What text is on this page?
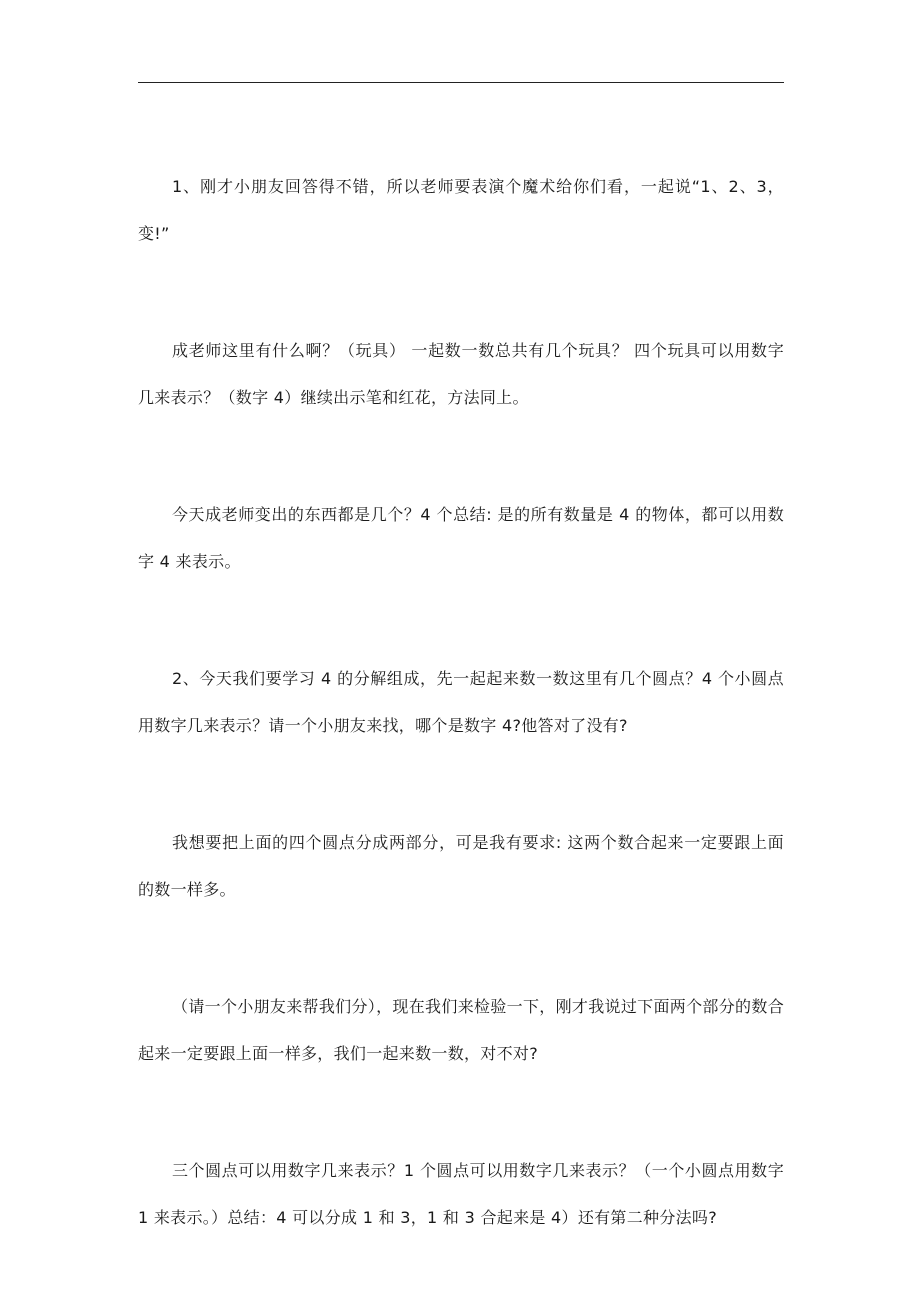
1、刚才小朋友回答得不错，所以老师要表演个魔术给你们看，一起说“1、2、3，变!”

成老师这里有什么啊？（玩具） 一起数一数总共有几个玩具？ 四个玩具可以用数字几来表示？（数字 4）继续出示笔和红花，方法同上。

今天成老师变出的东西都是几个？4 个总结: 是的所有数量是 4 的物体，都可以用数字 4 来表示。

2、今天我们要学习 4 的分解组成，先一起起来数一数这里有几个圆点？4 个小圆点用数字几来表示？请一个小朋友来找，哪个是数字 4?他答对了没有?

我想要把上面的四个圆点分成两部分，可是我有要求: 这两个数合起来一定要跟上面的数一样多。

（请一个小朋友来帮我们分），现在我们来检验一下，刚才我说过下面两个部分的数合起来一定要跟上面一样多，我们一起来数一数，对不对?

三个圆点可以用数字几来表示？1 个圆点可以用数字几来表示？（一个小圆点用数字 1 来表示。）总结：4 可以分成 1 和 3，1 和 3 合起来是 4）还有第二种分法吗?
